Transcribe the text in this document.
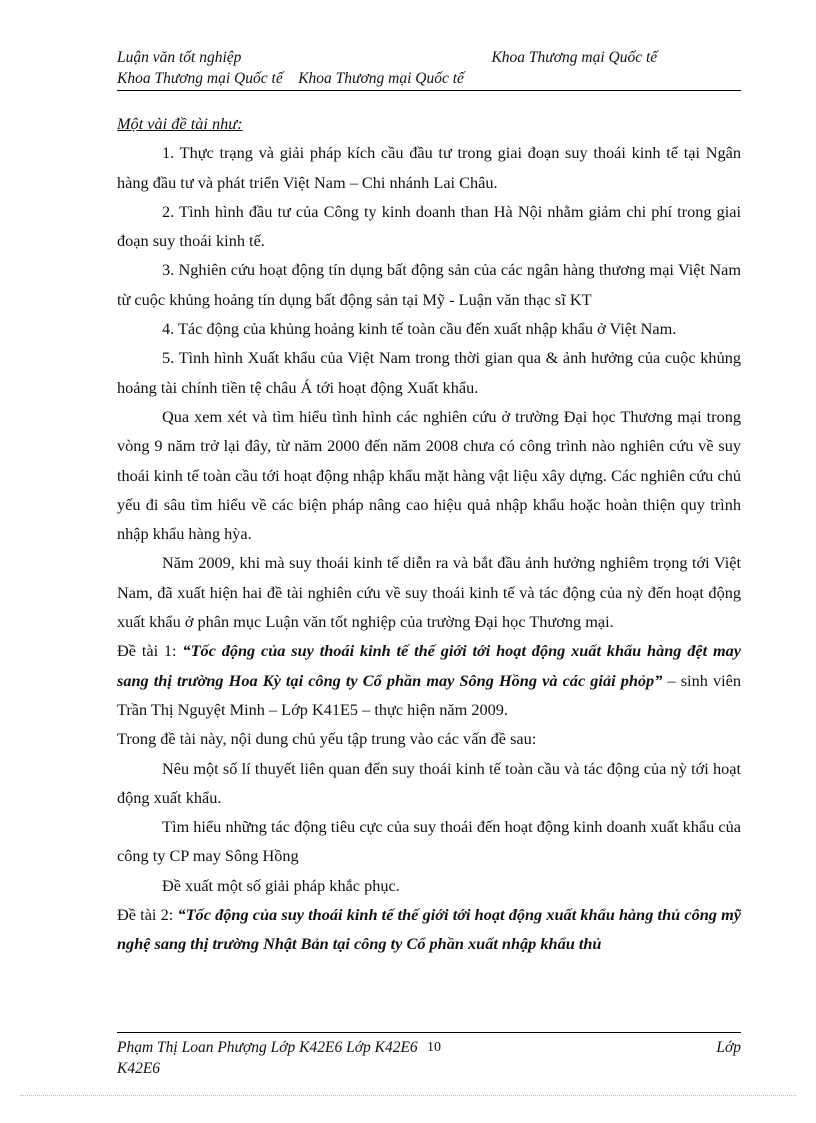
Luận văn tốt nghiệp	Khoa Thương mại Quốc tế
Khoa Thương mại Quốc tế    Khoa Thương mại Quốc tế

Một vài đề tài như:

1. Thực trạng và giải pháp kích cầu đầu tư trong giai đoạn suy thoái kinh tế tại Ngân hàng đầu tư và phát triển Việt Nam – Chi nhánh Lai Châu.

2. Tình hình đầu tư của Công ty kinh doanh than Hà Nội nhằm giảm chi phí trong giai đoạn suy thoái kinh tế.

3. Nghiên cứu hoạt động tín dụng bất động sản của các ngân hàng thương mại Việt Nam từ cuộc khủng hoảng tín dụng bất động sản tại Mỹ - Luận văn thạc sĩ KT

4. Tác động của khủng hoảng kinh tế toàn cầu đến xuất nhập khẩu ở Việt Nam.

5. Tình hình Xuất khẩu của Việt Nam trong thời gian qua & ảnh hưởng của cuộc khủng hoảng tài chính tiền tệ châu Á tới hoạt động Xuất khẩu.

Qua xem xét và tìm hiểu tình hình các nghiên cứu ở trường Đại học Thương mại trong vòng 9 năm trở lại đây, từ năm 2000 đến năm 2008 chưa có công trình nào nghiên cứu về suy thoái kinh tế toàn cầu tới hoạt động nhập khẩu mặt hàng vật liệu xây dựng. Các nghiên cứu chủ yếu đi sâu tìm hiểu về các biện pháp nâng cao hiệu quả nhập khẩu hoặc hoàn thiện quy trình nhập khẩu hàng hỳa.

Năm 2009, khi mà suy thoái kinh tế diễn ra và bắt đầu ảnh hưởng nghiêm trọng tới Việt Nam, đã xuất hiện hai đề tài nghiên cứu về suy thoái kinh tế và tác động của nỳ đến hoạt động xuất khẩu ở phân mục Luận văn tốt nghiệp của trường Đại học Thương mại.

Đề tài 1: “Tốc động của suy thoái kinh tế thế giới tới hoạt động xuất khẩu hàng đệt may sang thị trường Hoa Kỳ tại công ty Cổ phần may Sông Hồng và các giải phỏp” – sinh viên Trần Thị Nguyệt Minh – Lớp K41E5 – thực hiện năm 2009.

Trong đề tài này, nội dung chủ yếu tập trung vào các vấn đề sau:

Nêu một số lí thuyết liên quan đến suy thoái kinh tế toàn cầu và tác động của nỳ tới hoạt động xuất khẩu.

Tìm hiểu những tác động tiêu cực của suy thoái đến hoạt động kinh doanh xuất khẩu của công ty CP may Sông Hồng

Đề xuất một số giải pháp khắc phục.

Đề tài 2: “Tốc động của suy thoái kinh tế thế giới tới hoạt động xuất khẩu hàng thủ công mỹ nghệ sang thị trường Nhật Bản tại công ty Cổ phần xuất nhập khẩu thủ

Phạm Thị Loan Phượng Lớp K42E6 Lớp K42E6	Lớp
K42E6
10
